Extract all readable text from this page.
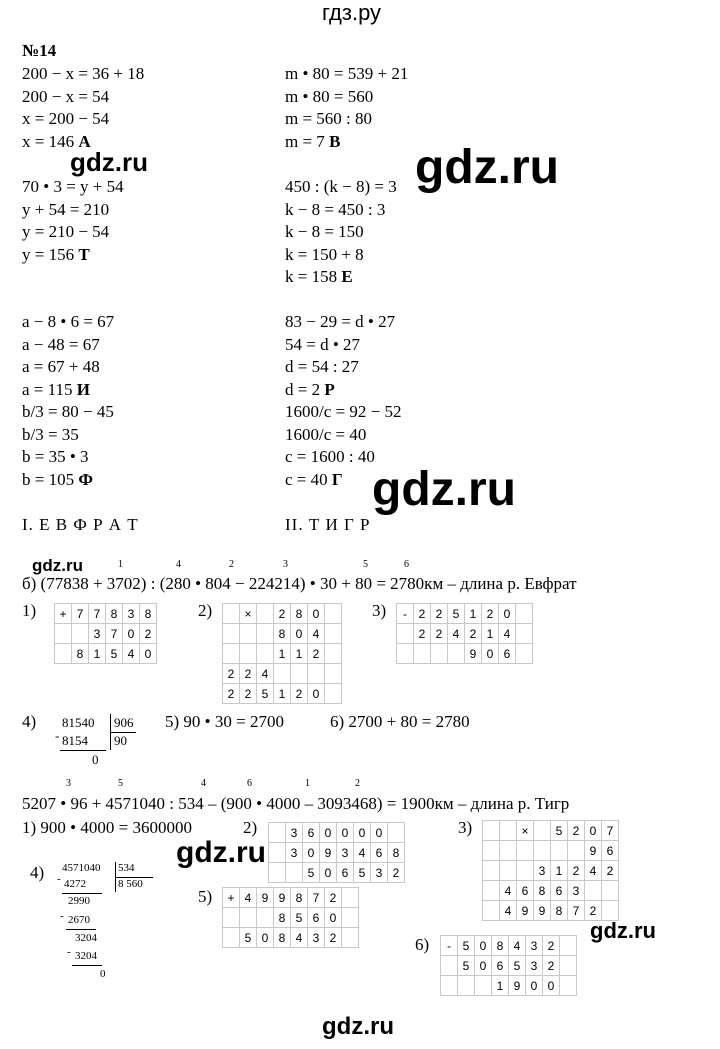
гдз.ру
№14
200 − x = 36 + 18
200 − x = 54
x = 200 − 54
x = 146 А
m • 80 = 539 + 21
m • 80 = 560
m = 560 : 80
m = 7 В
70 • 3 = y + 54
y + 54 = 210
y = 210 − 54
y = 156 Т
450 : (k − 8) = 3
k − 8 = 450 : 3
k − 8 = 150
k = 150 + 8
k = 158 Е
a − 8 • 6 = 67
a − 48 = 67
a = 67 + 48
a = 115 И
b/3 = 80 − 45
b/3 = 35
b = 35 • 3
b = 105 Ф
83 − 29 = d • 27
54 = d • 27
d = 54 : 27
d = 2 Р
1600/c = 92 − 52
1600/c = 40
c = 1600 : 40
c = 40 Г
I. Е В Ф Р А Т	II. Т И Г Р
1	4	2	3	5	6
б) (77838 + 3702) : (280 • 804 − 224214) • 30 + 80 = 2780км – длина р. Евфрат
1) +	7	7	8	3	8
		3	7	0	2
	8	1	5	4	0
2)
		×		2	8	0	
			8	0	4	
			1	1	2	
2	2	4				
2	2	5	1	2	0	
3) -	2	2	5	1	2	0	
	2	2	4	2	1	4	
				9	0	6	
4) 81540 906
- 8154 90
0
5) 90 • 30 = 2700	6) 2700 + 80 = 2780
3	5	4	6	1	2
5207 • 96 + 4571040 : 534 – (900 • 4000 – 3093468) = 1900км – длина р. Тигр
1) 900 • 4000 = 3600000	2)
		3	6	0	0	0	0	
	3	0	9	3	4	6	8
		5	0	6	5	3	2
3)
			×		5	2	0	7
						9	6
			3	1	2	4	2
	4	6	8	6	3		
	4	9	9	8	7	2	
4) 4571040 534
- 4272	8 560
2990
- 2670
3204
- 3204
0
5) +	4	9	9	8	7	2	
			8	5	6	0	
	5	0	8	4	3	2		6) -	5	0	8	4	3	2	
	5	0	6	5	3	2	
			1	9	0	0	
gdz.ru	gdz.ru
gdz.ru
gdz.ru
gdz.ru
gdz.ru
gdz.ru
